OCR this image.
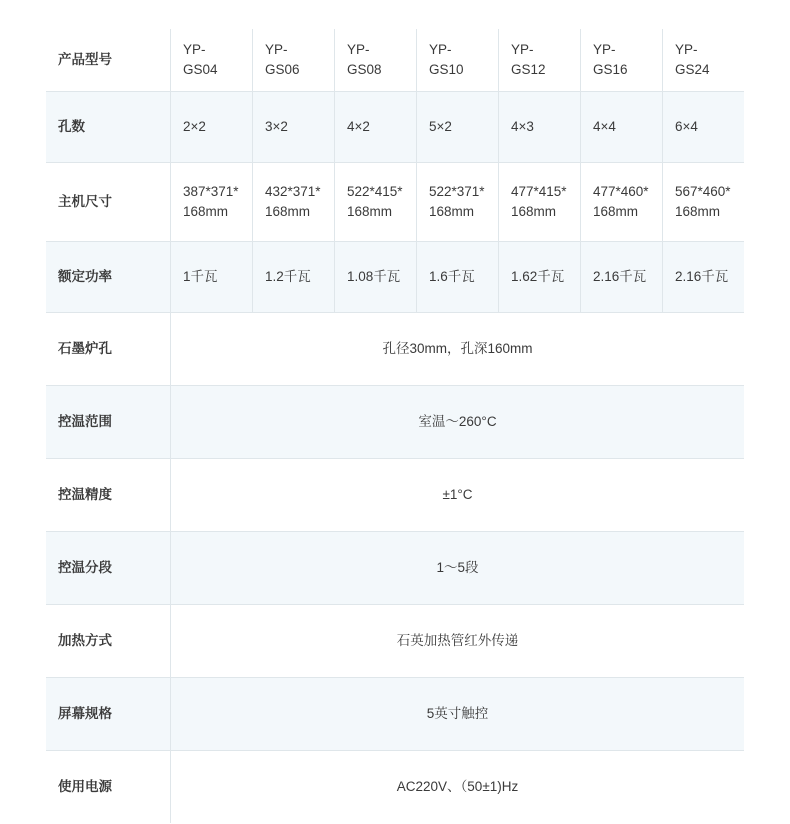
产品型号	YP-GS04	YP-GS06	YP-GS08	YP-GS10	YP-GS12	YP-GS16	YP-GS24
孔数	2×2	3×2	4×2	5×2	4×3	4×4	6×4
主机尺寸	387*371*168mm	432*371*168mm	522*415*168mm	522*371*168mm	477*415*168mm	477*460*168mm	567*460*168mm
额定功率	1千瓦	1.2千瓦	1.08千瓦	1.6千瓦	1.62千瓦	2.16千瓦	2.16千瓦
石墨炉孔	孔径30mm，孔深160mm						
控温范围	室温～260°C						
控温精度	±1°C						
控温分段	1～5段						
加热方式	石英加热管红外传递						
屏幕规格	5英寸触控						
使用电源	AC220V、（50±1)Hz						
